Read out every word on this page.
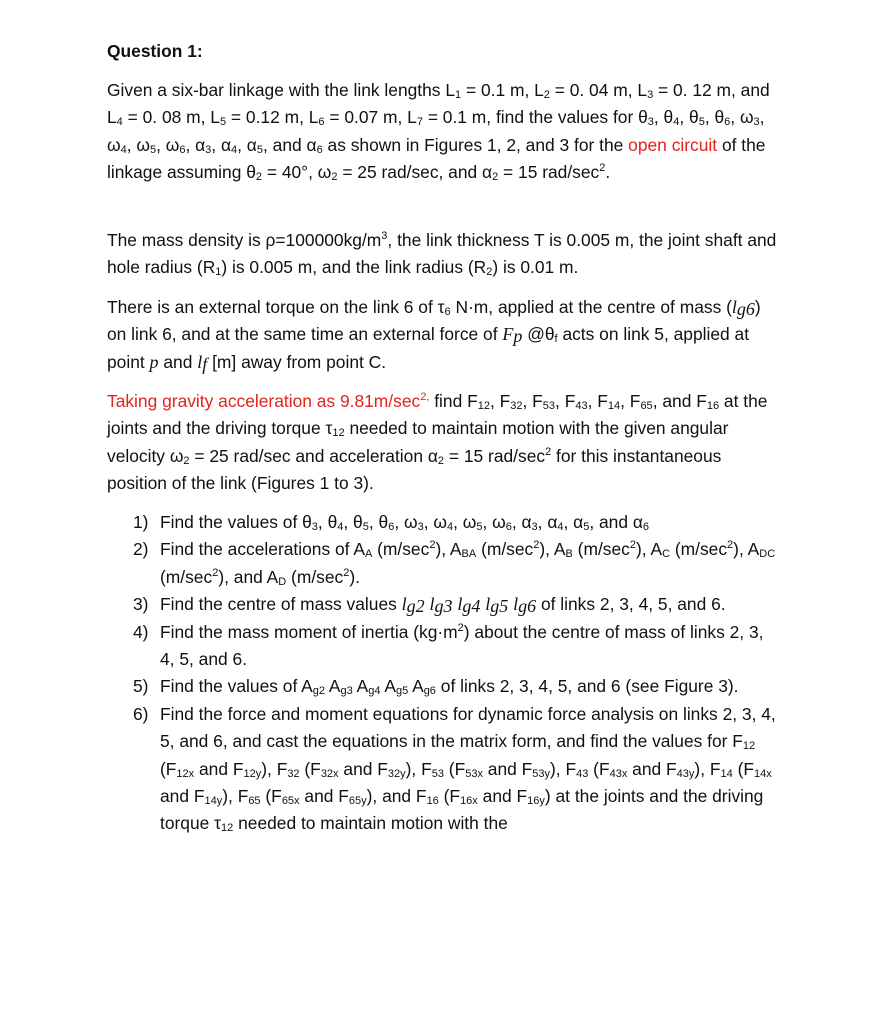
Question 1:
Given a six-bar linkage with the link lengths $L_1 = 0.1$ m, $L_2 = 0$. 04 m, $L_3 = 0$. 12 m, and $L_4 = 0$. 08 m, $L_5 = 0.12$ m, $L_6 = 0.07$ m, $L_7 = 0.1$ m, find the values for $\theta_3$, $\theta_4$, $\theta_5$, $\theta_6$, $\omega_3$, $\omega_4$, $\omega_5$, $\omega_6$, $\alpha_3$, $\alpha_4$, $\alpha_5$, and $\alpha_6$ as shown in Figures 1, 2, and 3 for the open circuit of the linkage assuming $\theta_2 = 40^\circ$, $\omega_2 = 25$ rad/sec, and $\alpha_2 = 15$ rad/$\sec^2$.
The mass density is $\rho=100000kg/m^3$, the link thickness T is 0.005 m, the joint shaft and hole radius $(R_1)$ is 0.005 m, and the link radius $(R_2)$ is 0.01 m.
There is an external torque on the link 6 of $\tau_6$ N·m, applied at the centre of mass $(l_{g6})$ on link 6, and at the same time an external force of $F_p$ $@\theta_f$ acts on link 5, applied at point p and $l_f$ [m] away from point C.
Taking gravity acceleration as $9.81m/\sec^{2,}$ find $F_{12}$, $F_{32}$, $F_{53}$, $F_{43}$, $F_{14}$, $F_{65}$, and $F_{16}$ at the joints and the driving torque $\tau_{12}$ needed to maintain motion with the given angular velocity $\omega_2 = 25$ rad/sec and acceleration $\alpha_2 = 15$ rad/$\sec^2$ for this instantaneous position of the link (Figures 1 to 3).
1) Find the values of $\theta_3$, $\theta_4$, $\theta_5$, $\theta_6$, $\omega_3$, $\omega_4$, $\omega_5$, $\omega_6$, $\alpha_3$, $\alpha_4$, $\alpha_5$, and $\alpha_6$
2) Find the accelerations of $A_A$ $(m/\sec^2)$, $A_{BA}$ $(m/\sec^2)$, $A_B$ $(m/\sec^2)$, $A_C$ $(m/\sec^2)$, $A_{DC}$ $(m/\sec^2)$, and $A_D$ $(m/\sec^2)$.
3) Find the centre of mass values $l_{g2}$ $l_{g3}$ $l_{g4}$ $l_{g5}$ $l_{g6}$ of links 2, 3, 4, 5, and 6.
4) Find the mass moment of inertia $(kg\cdot m^2)$ about the centre of mass of links 2, 3, 4, 5, and 6.
5) Find the values of $A_{g2}$ $A_{g3}$ $A_{g4}$ $A_{g5}$ $A_{g6}$ of links 2, 3, 4, 5, and 6 (see Figure 3).
6) Find the force and moment equations for dynamic force analysis on links 2, 3, 4, 5, and 6, and cast the equations in the matrix form, and find the values for $F_{12}$ ($F_{12x}$ and $F_{12y}$), $F_{32}$ ($F_{32x}$ and $F_{32y}$), $F_{53}$ ($F_{53x}$ and $F_{53y}$), $F_{43}$ ($F_{43x}$ and $F_{43y}$), $F_{14}$ ($F_{14x}$ and $F_{14y}$), $F_{65}$ ($F_{65x}$ and $F_{65y}$), and $F_{16}$ ($F_{16x}$ and $F_{16y}$) at the joints and the driving torque $\tau_{12}$ needed to maintain motion with the
